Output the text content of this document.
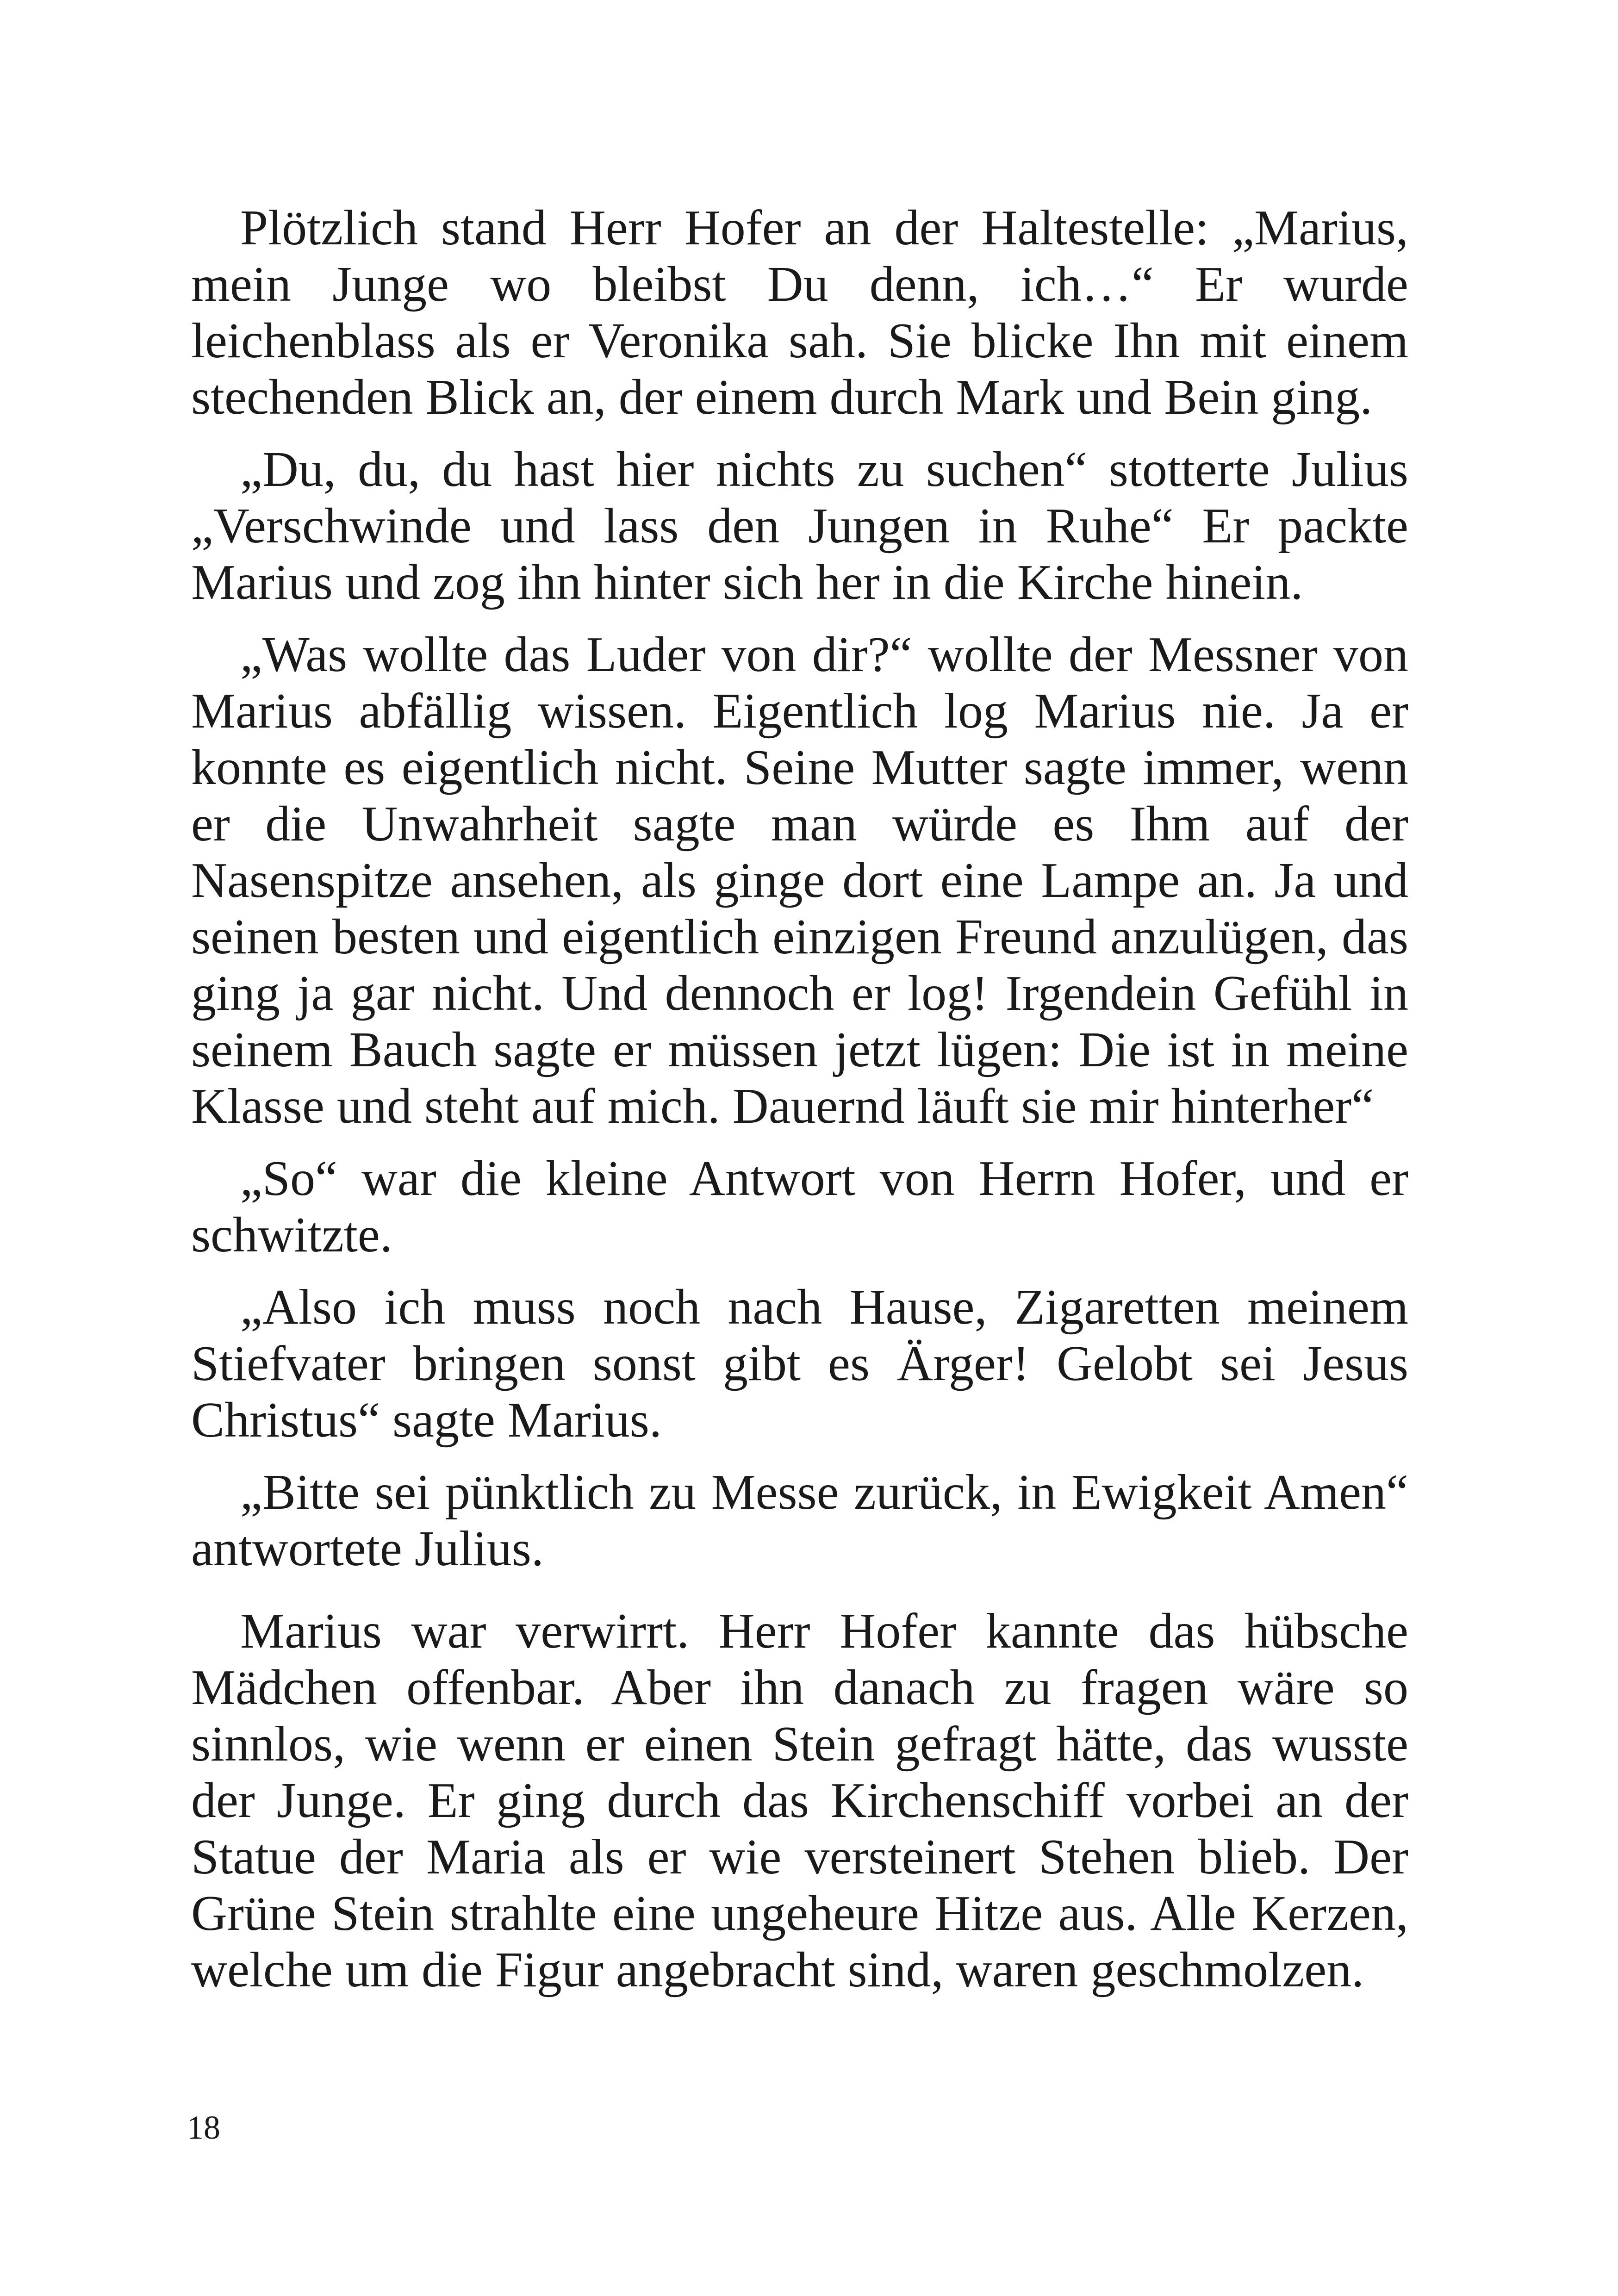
Plötzlich stand Herr Hofer an der Haltestelle: „Marius, mein Junge wo bleibst Du denn, ich…“ Er wurde leichenblass als er Veronika sah. Sie blicke Ihn mit einem stechenden Blick an, der einem durch Mark und Bein ging.

„Du, du, du hast hier nichts zu suchen“ stotterte Julius „Verschwinde und lass den Jungen in Ruhe“ Er packte Marius und zog ihn hinter sich her in die Kirche hinein.

„Was wollte das Luder von dir?“ wollte der Messner von Marius abfällig wissen. Eigentlich log Marius nie. Ja er konnte es eigentlich nicht. Seine Mutter sagte immer, wenn er die Unwahrheit sagte man würde es Ihm auf der Nasenspitze ansehen, als ginge dort eine Lampe an. Ja und seinen besten und eigentlich einzigen Freund anzulügen, das ging ja gar nicht. Und dennoch er log! Irgendein Gefühl in seinem Bauch sagte er müssen jetzt lügen: Die ist in meine Klasse und steht auf mich. Dauernd läuft sie mir hinterher“

„So“ war die kleine Antwort von Herrn Hofer, und er schwitzte.

„Also ich muss noch nach Hause, Zigaretten meinem Stiefvater bringen sonst gibt es Ärger! Gelobt sei Jesus Christus“ sagte Marius.

„Bitte sei pünktlich zu Messe zurück, in Ewigkeit Amen“ antwortete Julius.

Marius war verwirrt. Herr Hofer kannte das hübsche Mädchen offenbar. Aber ihn danach zu fragen wäre so sinnlos, wie wenn er einen Stein gefragt hätte, das wusste der Junge. Er ging durch das Kirchenschiff vorbei an der Statue der Maria als er wie versteinert Stehen blieb. Der Grüne Stein strahlte eine ungeheure Hitze aus. Alle Kerzen, welche um die Figur angebracht sind, waren geschmolzen.

18
